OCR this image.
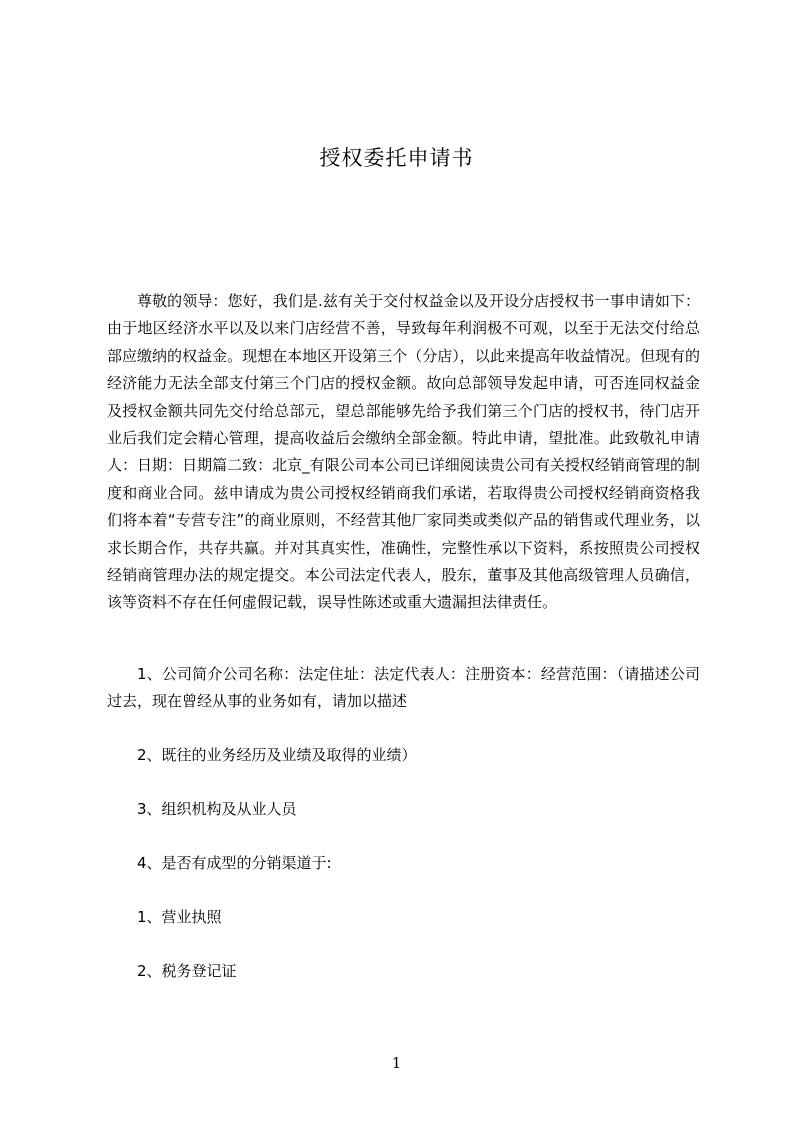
授权委托申请书

尊敬的领导：您好，我们是.兹有关于交付权益金以及开设分店授权书一事申请如下：由于地区经济水平以及以来门店经营不善，导致每年利润极不可观，以至于无法交付给总部应缴纳的权益金。现想在本地区开设第三个（分店），以此来提高年收益情况。但现有的经济能力无法全部支付第三个门店的授权金额。故向总部领导发起申请，可否连同权益金及授权金额共同先交付给总部元，望总部能够先给予我们第三个门店的授权书，待门店开业后我们定会精心管理，提高收益后会缴纳全部金额。特此申请，望批准。此致敬礼申请人：日期：日期篇二致：北京_有限公司本公司已详细阅读贵公司有关授权经销商管理的制度和商业合同。兹申请成为贵公司授权经销商我们承诺，若取得贵公司授权经销商资格我们将本着“专营专注”的商业原则，不经营其他厂家同类或类似产品的销售或代理业务，以求长期合作，共存共赢。并对其真实性，准确性，完整性承以下资料，系按照贵公司授权经销商管理办法的规定提交。本公司法定代表人，股东，董事及其他高级管理人员确信，该等资料不存在任何虚假记载，误导性陈述或重大遗漏担法律责任。

1、公司简介公司名称：法定住址：法定代表人：注册资本：经营范围：（请描述公司过去，现在曾经从事的业务如有，请加以描述

2、既往的业务经历及业绩及取得的业绩）

3、组织机构及从业人员

4、是否有成型的分销渠道于:

1、营业执照

2、税务登记证

1
